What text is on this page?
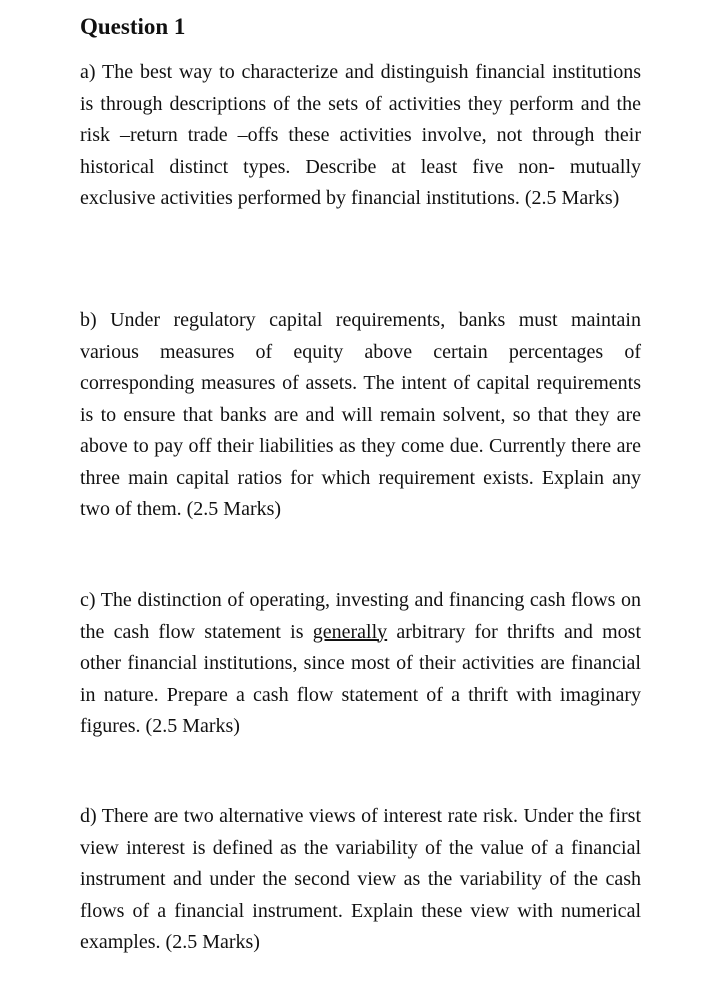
Question 1

a) The best way to characterize and distinguish financial institutions is through descriptions of the sets of activities they perform and the risk –return trade –offs these activities involve, not through their historical distinct types. Describe at least five non- mutually exclusive activities performed by financial institutions. (2.5 Marks)

b) Under regulatory capital requirements, banks must maintain various measures of equity above certain percentages of corresponding measures of assets. The intent of capital requirements is to ensure that banks are and will remain solvent, so that they are above to pay off their liabilities as they come due. Currently there are three main capital ratios for which requirement exists. Explain any two of them. (2.5 Marks)

c) The distinction of operating, investing and financing cash flows on the cash flow statement is generally arbitrary for thrifts and most other financial institutions, since most of their activities are financial in nature. Prepare a cash flow statement of a thrift with imaginary figures. (2.5 Marks)

d) There are two alternative views of interest rate risk. Under the first view interest is defined as the variability of the value of a financial instrument and under the second view as the variability of the cash flows of a financial instrument. Explain these view with numerical examples. (2.5 Marks)
